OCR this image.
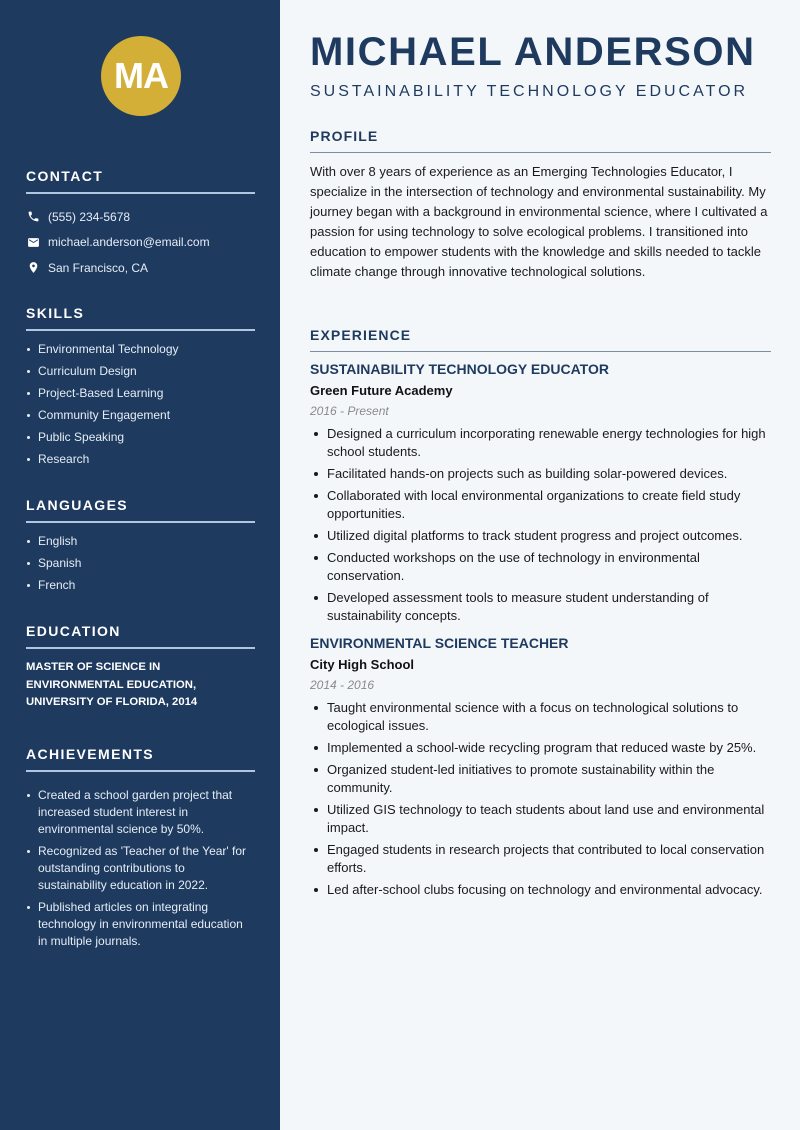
MA
CONTACT
(555) 234-5678
michael.anderson@email.com
San Francisco, CA
SKILLS
Environmental Technology
Curriculum Design
Project-Based Learning
Community Engagement
Public Speaking
Research
LANGUAGES
English
Spanish
French
EDUCATION
MASTER OF SCIENCE IN
ENVIRONMENTAL EDUCATION,
UNIVERSITY OF FLORIDA, 2014
ACHIEVEMENTS
Created a school garden project that increased student interest in environmental science by 50%.
Recognized as 'Teacher of the Year' for outstanding contributions to sustainability education in 2022.
Published articles on integrating technology in environmental education in multiple journals.
MICHAEL ANDERSON
SUSTAINABILITY TECHNOLOGY EDUCATOR
PROFILE

With over 8 years of experience as an Emerging Technologies Educator, I specialize in the intersection of technology and environmental sustainability. My journey began with a background in environmental science, where I cultivated a passion for using technology to solve ecological problems. I transitioned into education to empower students with the knowledge and skills needed to tackle climate change through innovative technological solutions.

EXPERIENCE
SUSTAINABILITY TECHNOLOGY EDUCATOR
Green Future Academy
2016 - Present
Designed a curriculum incorporating renewable energy technologies for high school students.
Facilitated hands-on projects such as building solar-powered devices.
Collaborated with local environmental organizations to create field study opportunities.
Utilized digital platforms to track student progress and project outcomes.
Conducted workshops on the use of technology in environmental conservation.
Developed assessment tools to measure student understanding of sustainability concepts.
ENVIRONMENTAL SCIENCE TEACHER
City High School
2014 - 2016
Taught environmental science with a focus on technological solutions to ecological issues.
Implemented a school-wide recycling program that reduced waste by 25%.
Organized student-led initiatives to promote sustainability within the community.
Utilized GIS technology to teach students about land use and environmental impact.
Engaged students in research projects that contributed to local conservation efforts.
Led after-school clubs focusing on technology and environmental advocacy.
